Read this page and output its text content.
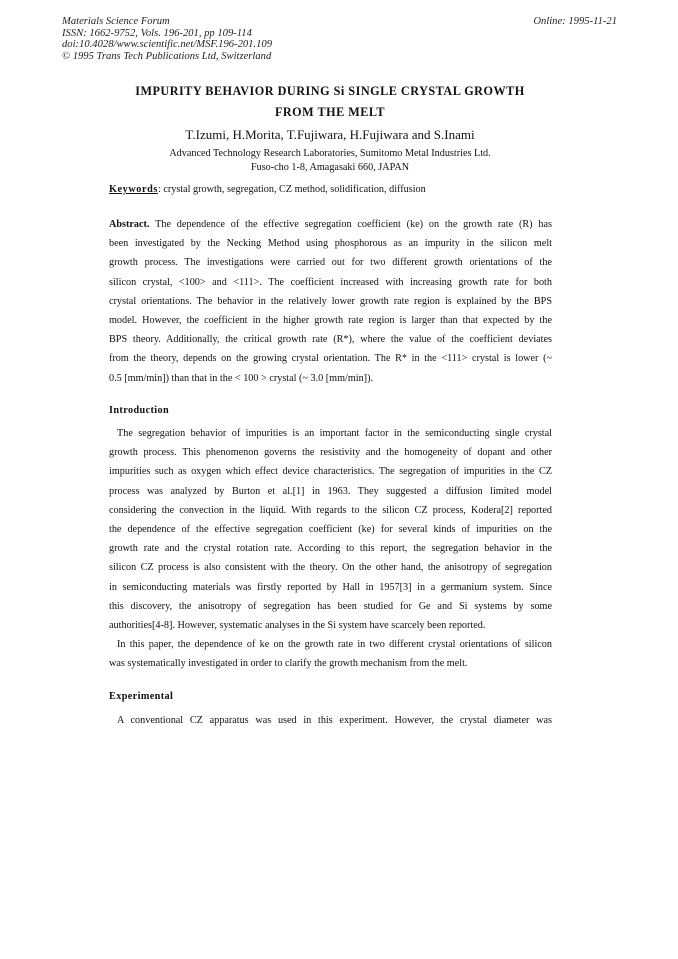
Materials Science Forum
ISSN: 1662-9752, Vols. 196-201, pp 109-114
doi:10.4028/www.scientific.net/MSF.196-201.109
© 1995 Trans Tech Publications Ltd, Switzerland
Online: 1995-11-21
IMPURITY BEHAVIOR DURING Si SINGLE CRYSTAL GROWTH
FROM THE MELT
T.Izumi, H.Morita, T.Fujiwara, H.Fujiwara and S.Inami
Advanced Technology Research Laboratories, Sumitomo Metal Industries Ltd.
Fuso-cho 1-8, Amagasaki 660, JAPAN
Keywords: crystal growth, segregation, CZ method, solidification, diffusion
Abstract. The dependence of the effective segregation coefficient (ke) on the growth rate (R) has
been investigated by the Necking Method using phosphorous as an impurity in the silicon melt
growth process. The investigations were carried out for two different growth orientations of the
silicon crystal, <100> and <111>. The coefficient increased with increasing growth rate for both
crystal orientations. The behavior in the relatively lower growth rate region is explained by the BPS
model. However, the coefficient in the higher growth rate region is larger than that expected by the
BPS theory. Additionally, the critical growth rate (R*), where the value of the coefficient deviates
from the theory, depends on the growing crystal orientation. The R* in the <111> crystal is lower (~
0.5 [mm/min]) than that in the < 100 > crystal (~ 3.0 [mm/min]).
Introduction
The segregation behavior of impurities is an important factor in the semiconducting single crystal
growth process. This phenomenon governs the resistivity and the homogeneity of dopant and other
impurities such as oxygen which effect device characteristics. The segregation of impurities in the CZ
process was analyzed by Burton et al.[1] in 1963. They suggested a diffusion limited model
considering the convection in the liquid. With regards to the silicon CZ process, Kodera[2] reported
the dependence of the effective segregation coefficient (ke) for several kinds of impurities on the
growth rate and the crystal rotation rate. According to this report, the segregation behavior in the
silicon CZ process is also consistent with the theory. On the other hand, the anisotropy of segregation
in semiconducting materials was firstly reported by Hall in 1957[3] in a germanium system. Since
this discovery, the anisotropy of segregation has been studied for Ge and Si systems by some
authorities[4-8]. However, systematic analyses in the Si system have scarcely been reported.
In this paper, the dependence of ke on the growth rate in two different crystal orientations of silicon
was systematically investigated in order to clarify the growth mechanism from the melt.
Experimental
A conventional CZ apparatus was used in this experiment. However, the crystal diameter was
